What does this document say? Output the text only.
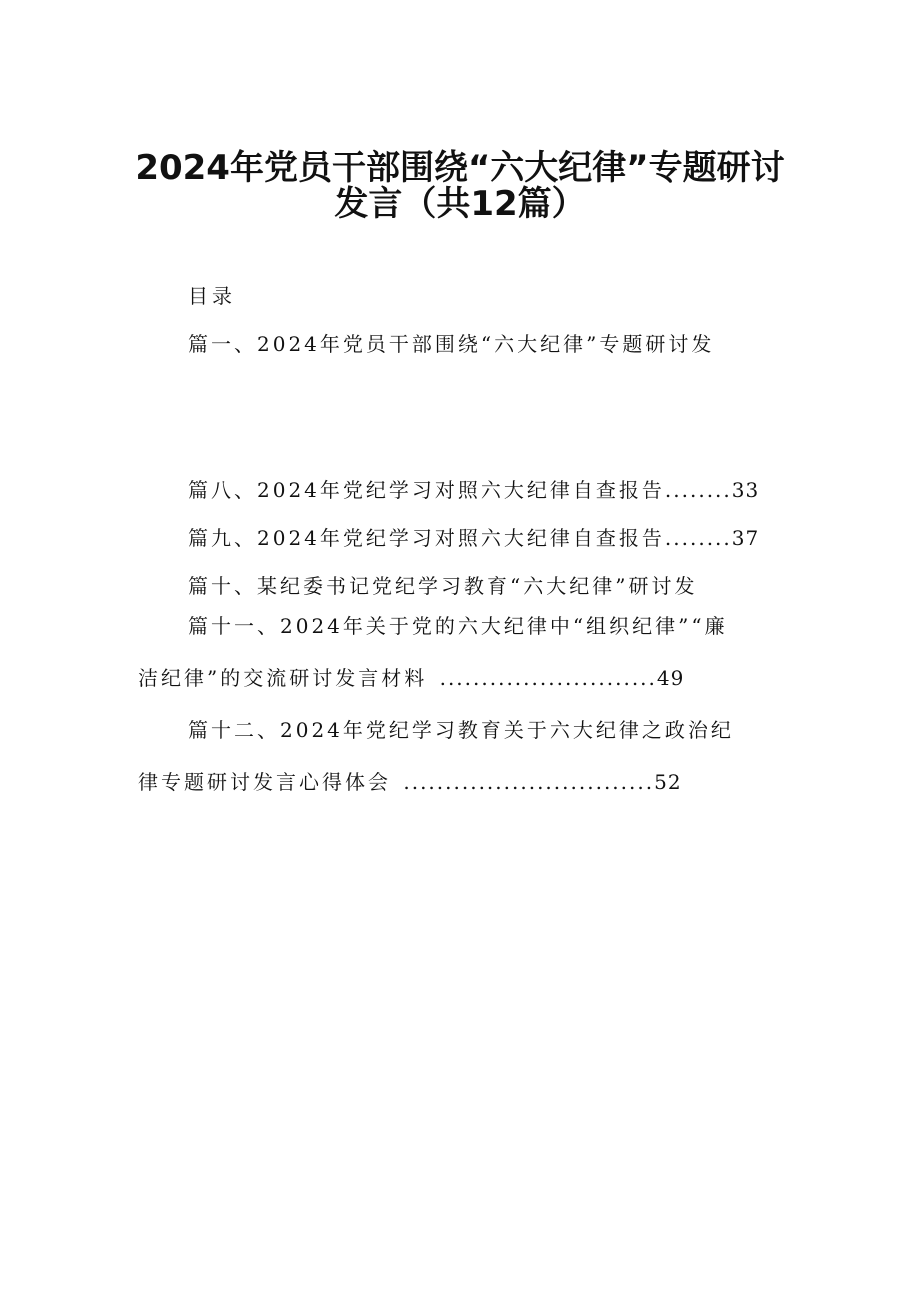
2024年党员干部围绕“六大纪律”专题研讨
发言（共12篇）
目录
篇一、2024年党员干部围绕“六大纪律”专题研讨发
篇八、2024年党纪学习对照六大纪律自查报告........33
篇九、2024年党纪学习对照六大纪律自查报告........37
篇十、某纪委书记党纪学习教育“六大纪律”研讨发
篇十一、2024年关于党的六大纪律中“组织纪律”“廉
洁纪律”的交流研讨发言材料 ..........................49
篇十二、2024年党纪学习教育关于六大纪律之政治纪
律专题研讨发言心得体会 ..............................52
